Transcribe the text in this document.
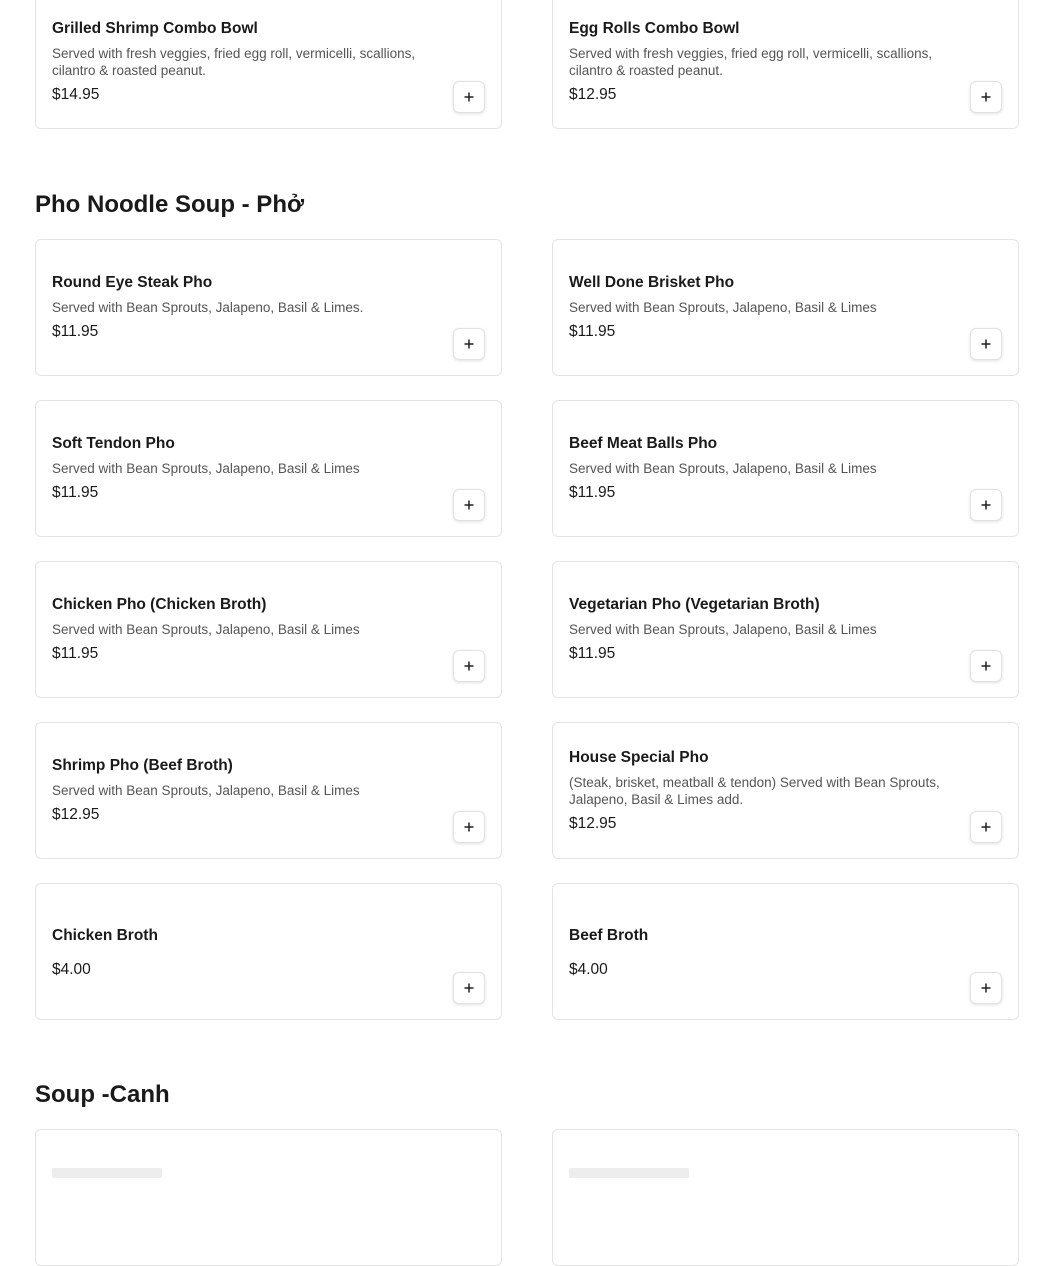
Grilled Shrimp Combo Bowl
Served with fresh veggies, fried egg roll, vermicelli, scallions, cilantro & roasted peanut.
$14.95
Egg Rolls Combo Bowl
Served with fresh veggies, fried egg roll, vermicelli, scallions, cilantro & roasted peanut.
$12.95
Pho Noodle Soup - Phở
Round Eye Steak Pho
Served with Bean Sprouts, Jalapeno, Basil & Limes.
$11.95
Well Done Brisket Pho
Served with Bean Sprouts, Jalapeno, Basil & Limes
$11.95
Soft Tendon Pho
Served with Bean Sprouts, Jalapeno, Basil & Limes
$11.95
Beef Meat Balls Pho
Served with Bean Sprouts, Jalapeno, Basil & Limes
$11.95
Chicken Pho (Chicken Broth)
Served with Bean Sprouts, Jalapeno, Basil & Limes
$11.95
Vegetarian Pho (Vegetarian Broth)
Served with Bean Sprouts, Jalapeno, Basil & Limes
$11.95
Shrimp Pho (Beef Broth)
Served with Bean Sprouts, Jalapeno, Basil & Limes
$12.95
House Special Pho
(Steak, brisket, meatball & tendon) Served with Bean Sprouts, Jalapeno, Basil & Limes add.
$12.95
Chicken Broth
$4.00
Beef Broth
$4.00
Soup -Canh
